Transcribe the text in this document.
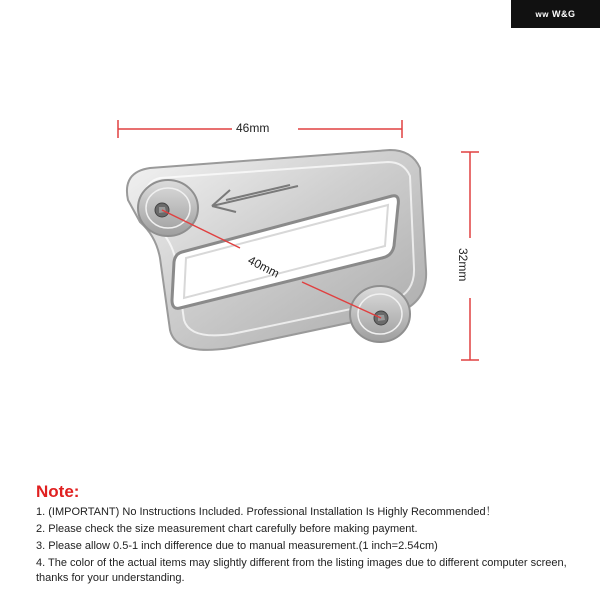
ᴡᴡ W&G
46mm
32mm
40mm
Note:
1. (IMPORTANT) No Instructions Included. Professional Installation Is Highly Recommended！
2. Please check the size measurement chart carefully before making payment.
3. Please allow 0.5-1 inch difference due to manual measurement.(1 inch=2.54cm)
4. The color of the actual items may slightly different from the listing images due to different computer screen, thanks for your understanding.
